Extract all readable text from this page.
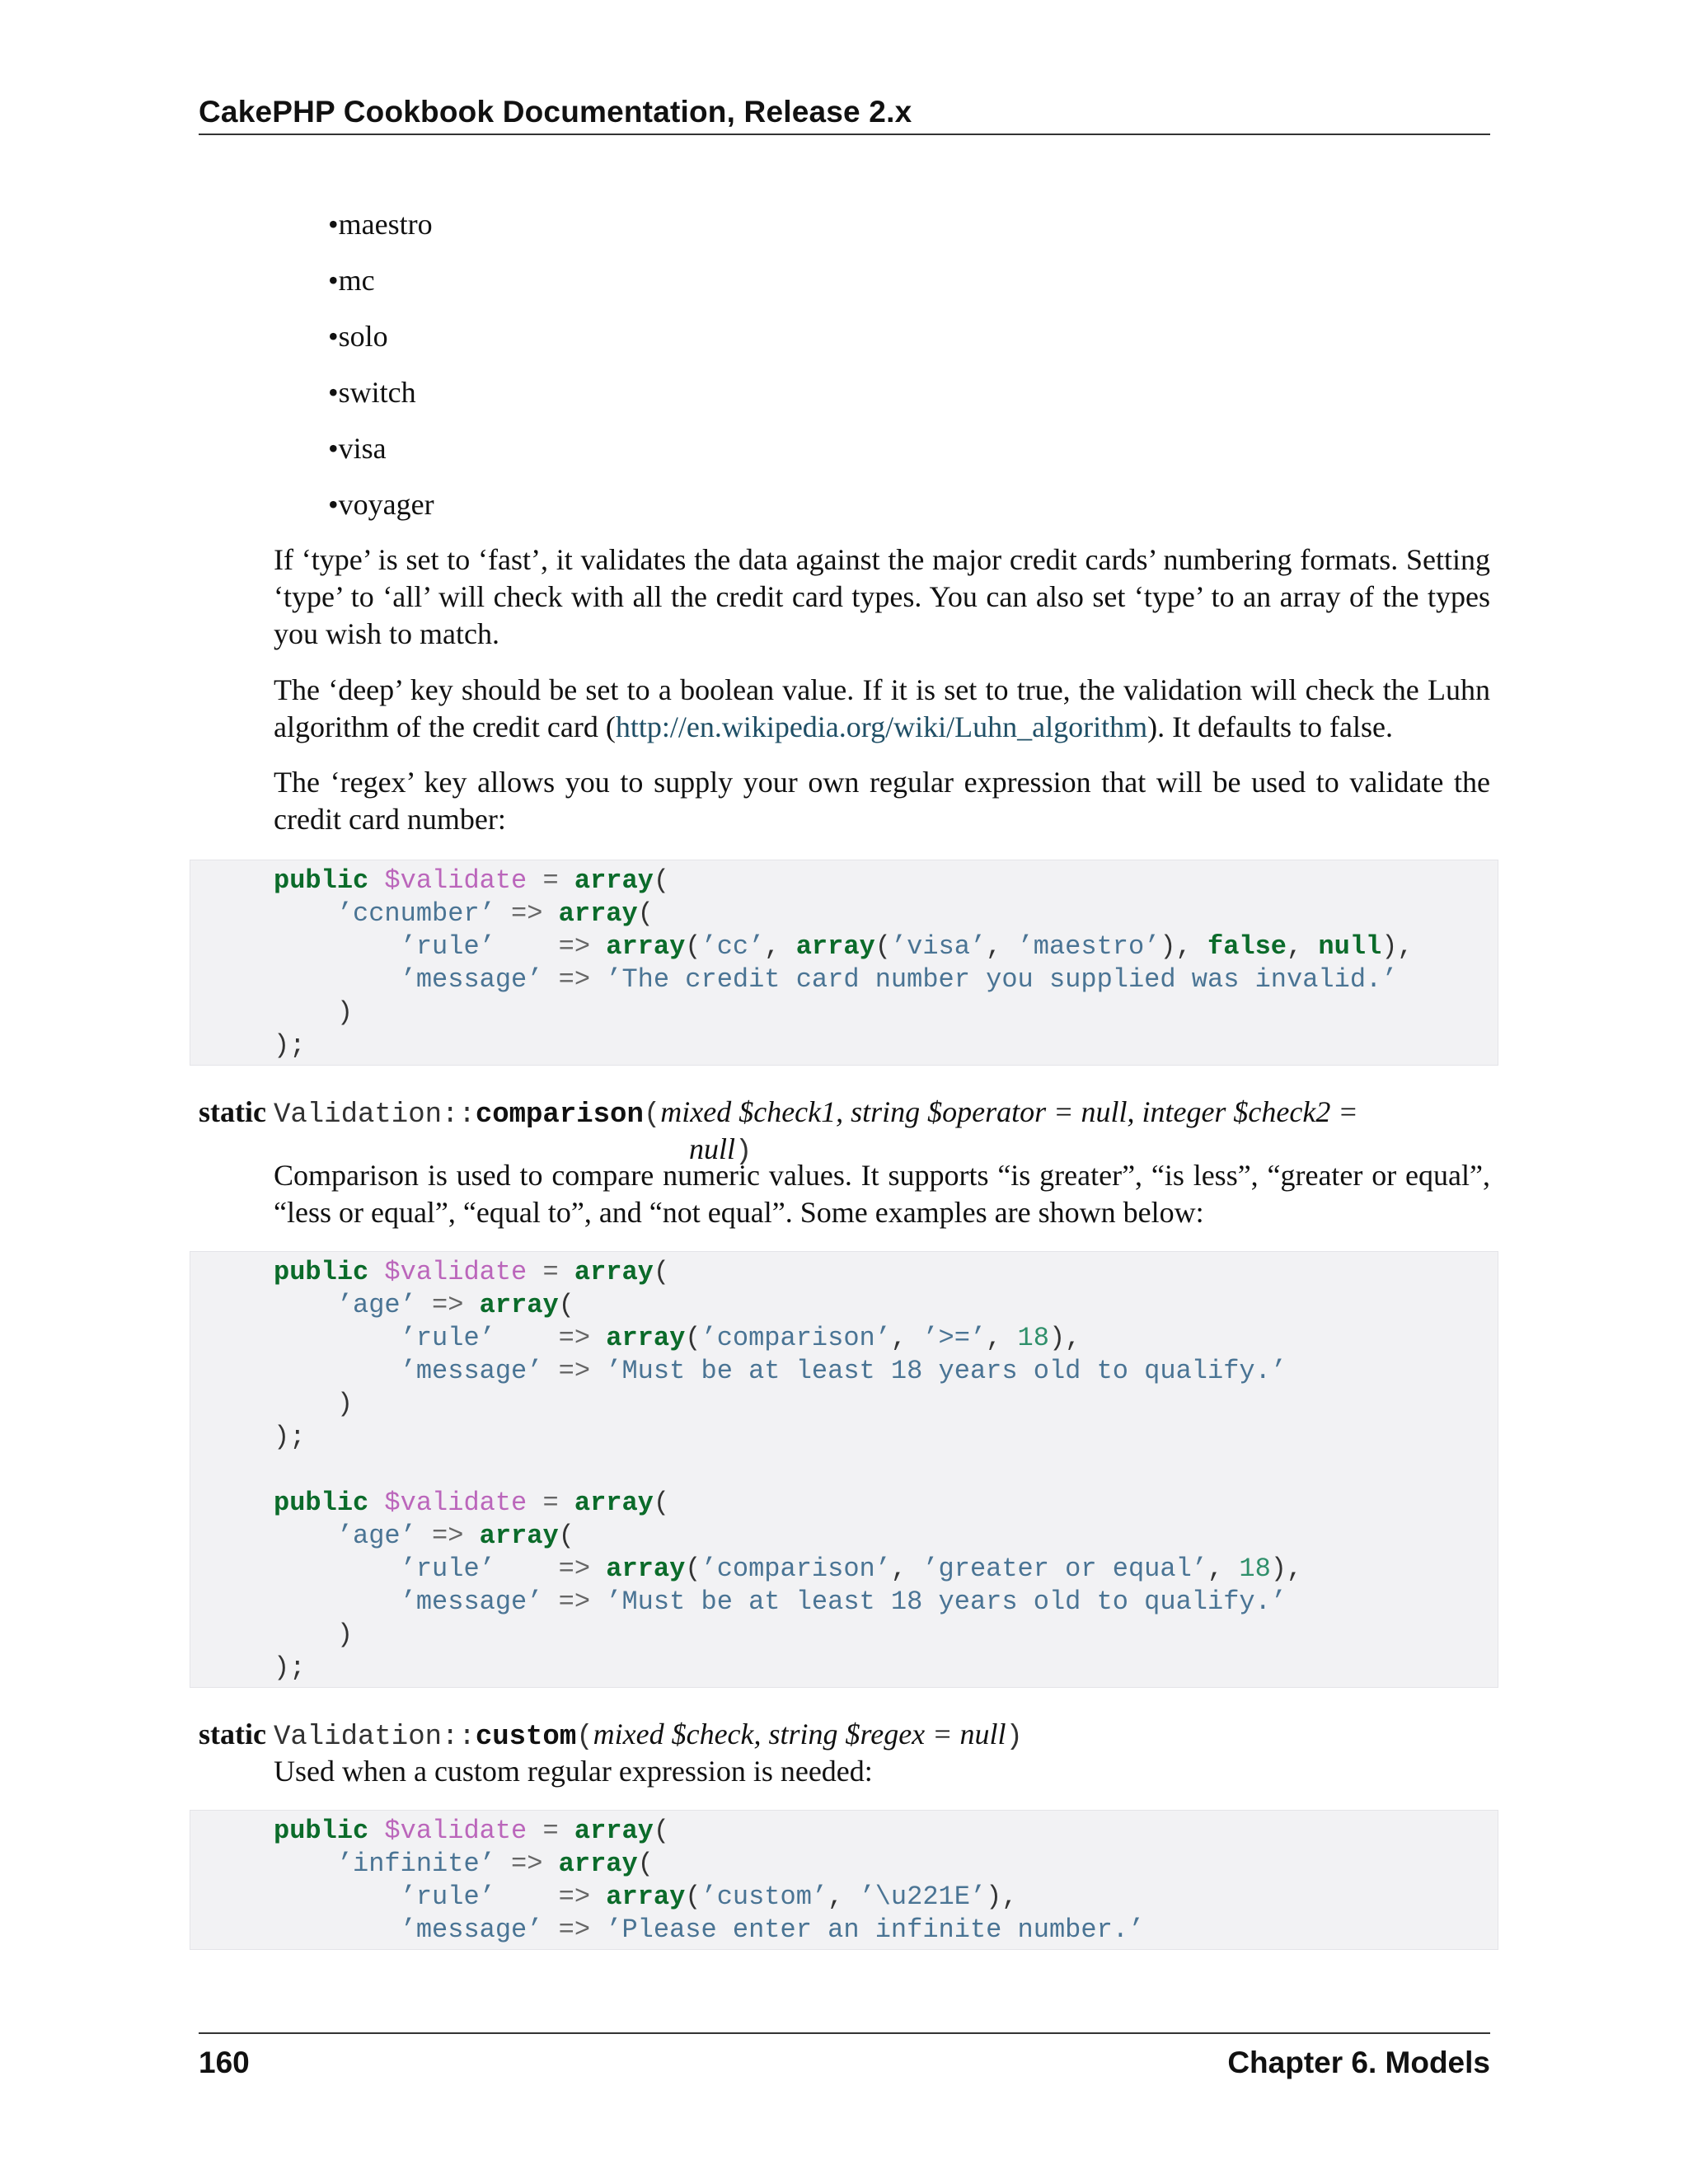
CakePHP Cookbook Documentation, Release 2.x
•maestro
•mc
•solo
•switch
•visa
•voyager

If ‘type’ is set to ‘fast’, it validates the data against the major credit cards’ numbering formats. Setting ‘type’ to ‘all’ will check with all the credit card types. You can also set ‘type’ to an array of the types you wish to match.

The ‘deep’ key should be set to a boolean value. If it is set to true, the validation will check the Luhn algorithm of the credit card (http://en.wikipedia.org/wiki/Luhn_algorithm). It defaults to false.

The ‘regex’ key allows you to supply your own regular expression that will be used to validate the credit card number:

public $validate = array(
’ccnumber’ => array(
’rule’ => array(’cc’, array(’visa’, ’maestro’), false, null),
’message’ => ’The credit card number you supplied was invalid.’
)
);
static Validation::comparison(mixed $check1, string $operator = null, integer $check2 =
null)

Comparison is used to compare numeric values. It supports “is greater”, “is less”, “greater or equal”, “less or equal”, “equal to”, and “not equal”. Some examples are shown below:

public $validate = array(
’age’ => array(
’rule’ => array(’comparison’, ’>=’, 18),
’message’ => ’Must be at least 18 years old to qualify.’
)
);

public $validate = array(
’age’ => array(
’rule’ => array(’comparison’, ’greater or equal’, 18),
’message’ => ’Must be at least 18 years old to qualify.’
)
);
static Validation::custom(mixed $check, string $regex = null)

Used when a custom regular expression is needed:

public $validate = array(
’infinite’ => array(
’rule’ => array(’custom’, ’\u221E’),
’message’ => ’Please enter an infinite number.’
160	Chapter 6. Models
